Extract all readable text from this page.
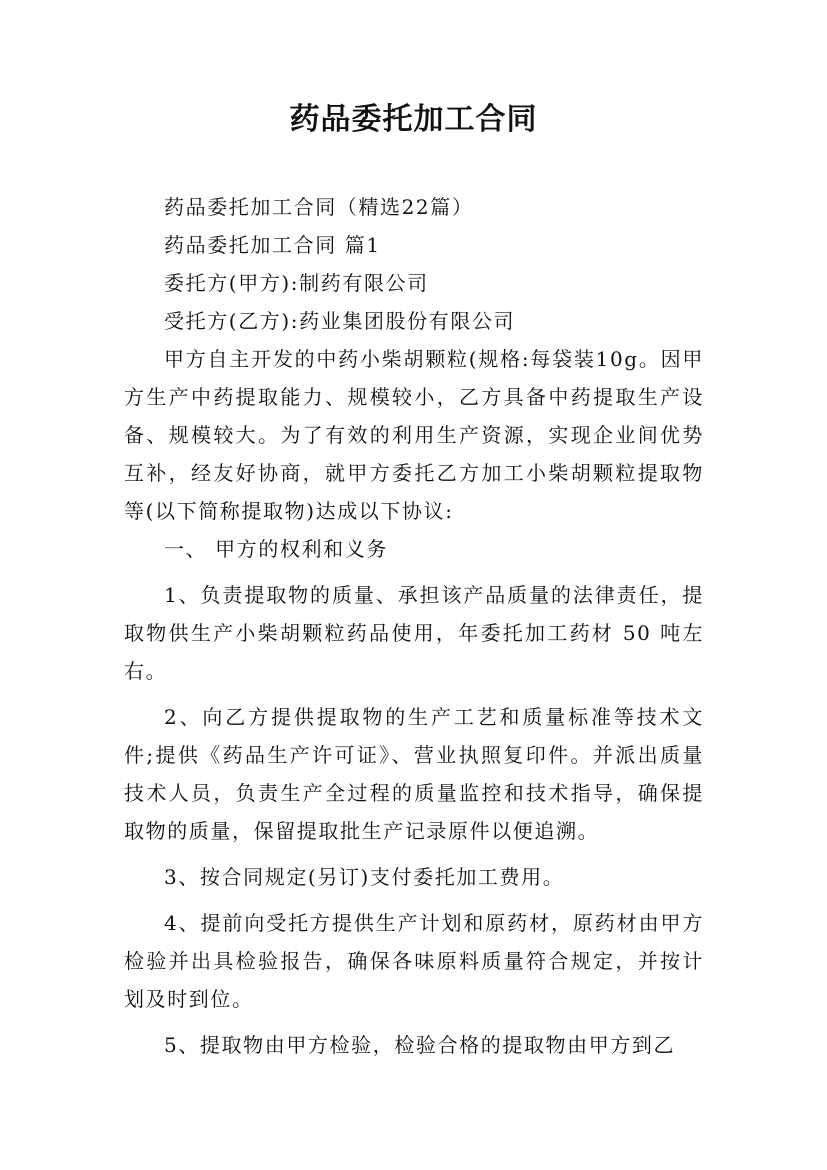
药品委托加工合同

药品委托加工合同（精选22篇）

药品委托加工合同 篇1

委托方(甲方):制药有限公司

受托方(乙方):药业集团股份有限公司

甲方自主开发的中药小柴胡颗粒(规格:每袋装10g。因甲方生产中药提取能力、规模较小，乙方具备中药提取生产设备、规模较大。为了有效的利用生产资源，实现企业间优势互补，经友好协商，就甲方委托乙方加工小柴胡颗粒提取物等(以下简称提取物)达成以下协议:

一、 甲方的权利和义务

1、负责提取物的质量、承担该产品质量的法律责任，提取物供生产小柴胡颗粒药品使用，年委托加工药材 50 吨左右。

2、向乙方提供提取物的生产工艺和质量标准等技术文件;提供《药品生产许可证》、营业执照复印件。并派出质量技术人员，负责生产全过程的质量监控和技术指导，确保提取物的质量，保留提取批生产记录原件以便追溯。

3、按合同规定(另订)支付委托加工费用。

4、提前向受托方提供生产计划和原药材，原药材由甲方检验并出具检验报告，确保各味原料质量符合规定，并按计划及时到位。

5、提取物由甲方检验，检验合格的提取物由甲方到乙
